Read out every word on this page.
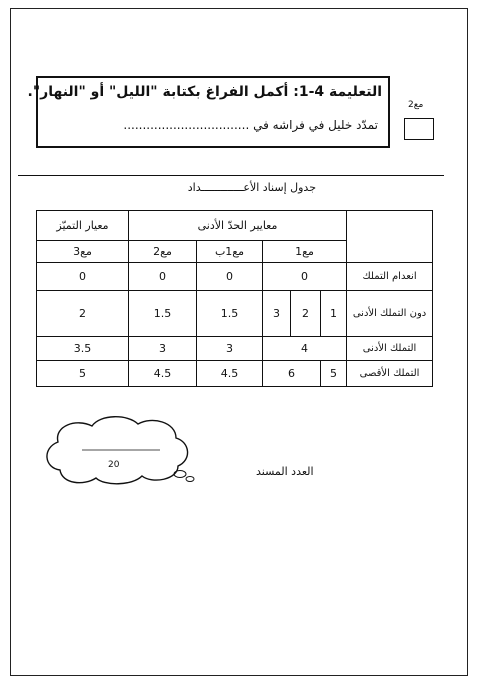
التعليمة 4-1: أكمل الفراغ بكتابة "الليل" أو "النهار".
تمدّد خليل في فراشه في .................................
مع2
جدول إسناد الأعـــــــــــــداد
معيار التميّز	معايير الحدّ الأدنى					
مع3	مع2	مع1ب	مع1			
0	0	0	0			انعدام التملك
2	1.5	1.5	3	2	1	دون التملك الأدنى
3.5	3	3	4			التملك الأدنى
5	4.5	4.5	6		5	التملك الأقصى
20	العدد المسند
